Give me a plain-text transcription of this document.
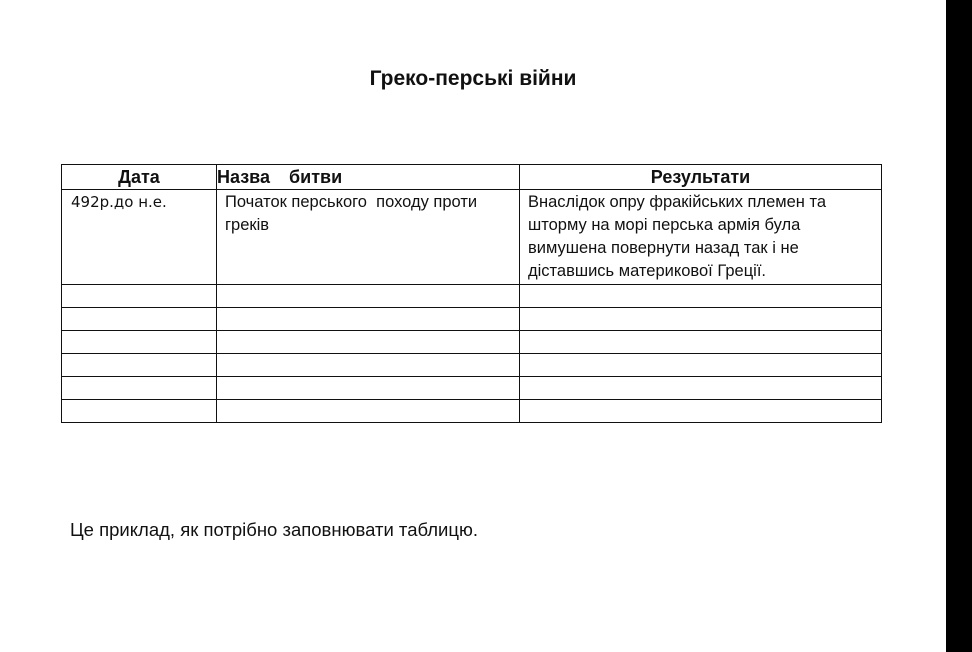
Греко-перські війни
Дата	Назва битви	Результати
492р.до н.е.	Початок перського  походу проти греків	Внаслідок опру фракійських племен та шторму на морі перська армія була вимушена повернути назад так і не діставшись материкової Греції.

Це приклад, як потрібно заповнювати таблицю.
